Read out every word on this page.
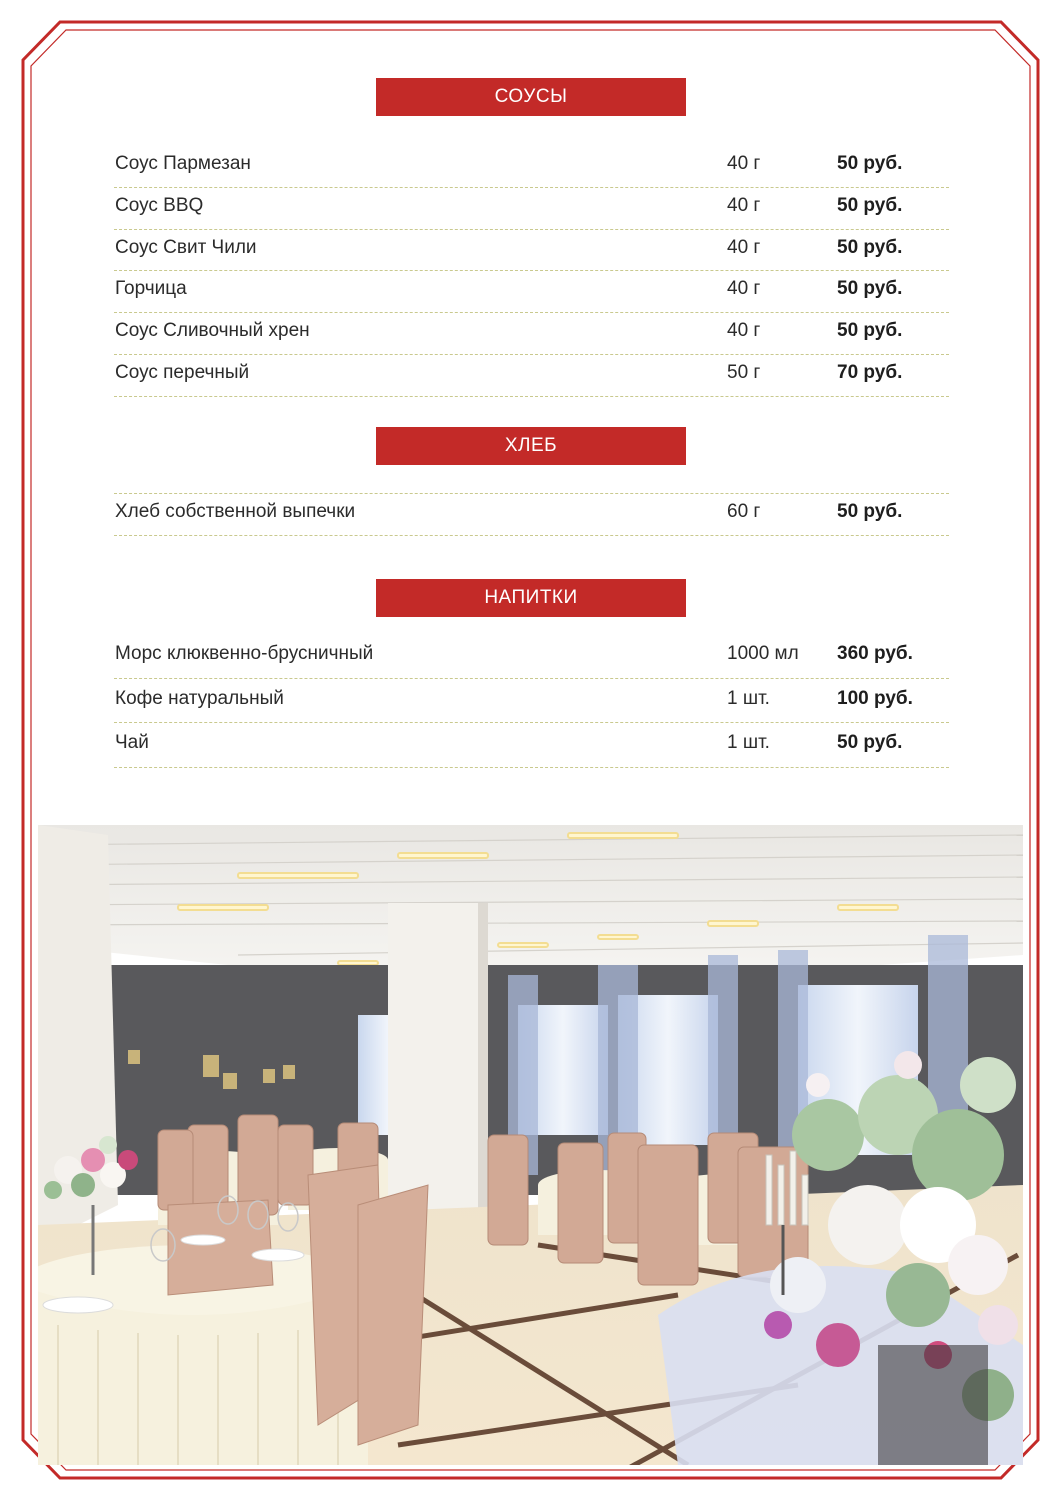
СОУСЫ
Соус Пармезан	40 г	50 руб.
Соус BBQ	40 г	50 руб.
Соус Свит Чили	40 г	50 руб.
Горчица	40 г	50 руб.
Соус Сливочный хрен	40 г	50 руб.
Соус перечный	50 г	70 руб.
ХЛЕБ
Хлеб собственной выпечки	60 г	50 руб.
НАПИТКИ
Морс клюквенно-брусничный	1000 мл 360 руб.
Кофе натуральный	1 шт.	100 руб.
Чай	1 шт.	50 руб.
